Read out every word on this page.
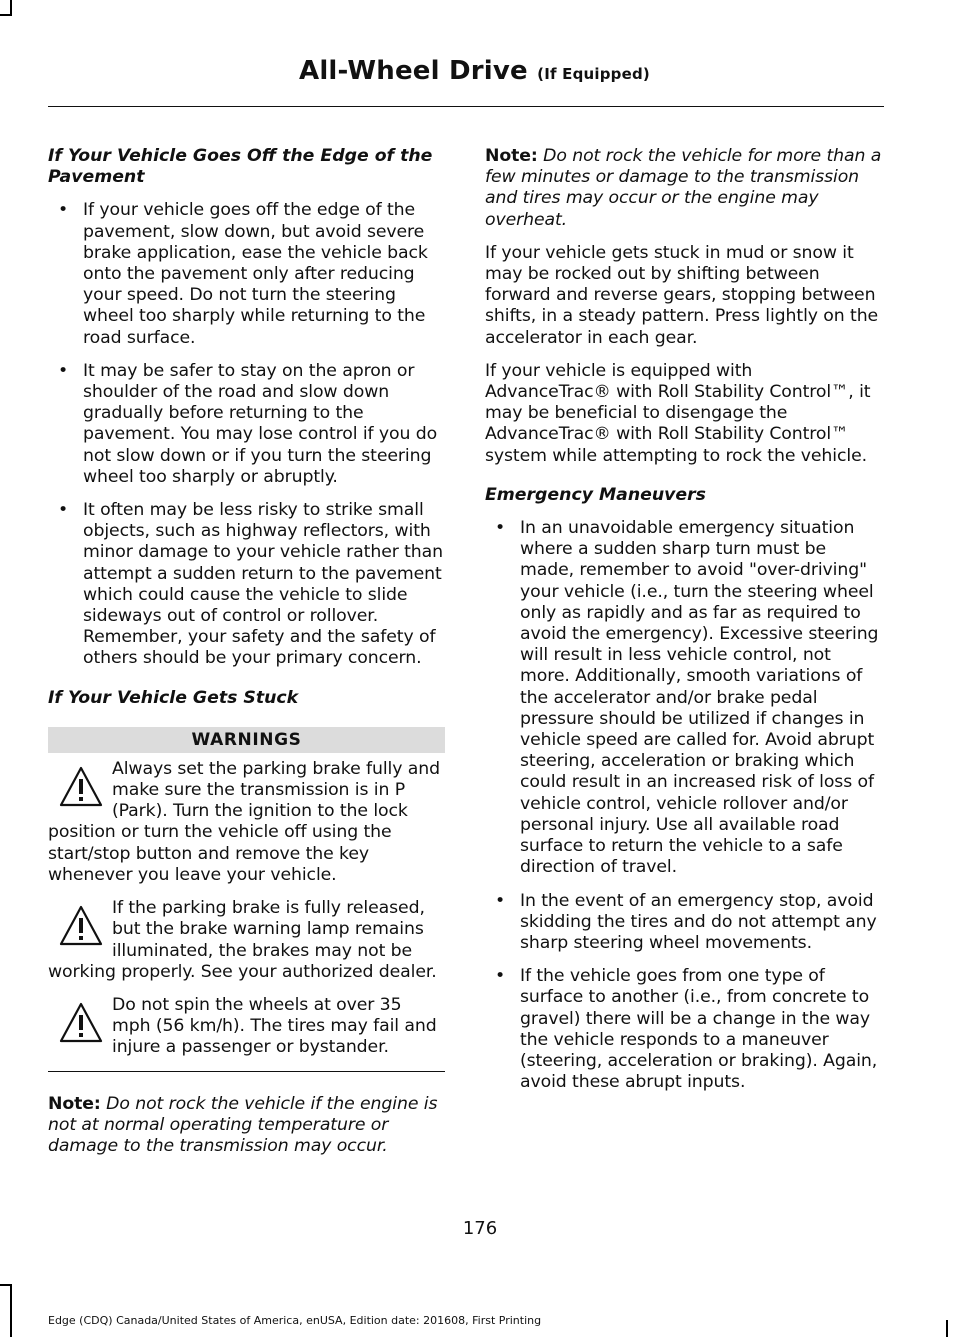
All-Wheel Drive (If Equipped)
If Your Vehicle Goes Off the Edge of the Pavement
• If your vehicle goes off the edge of the pavement, slow down, but avoid severe brake application, ease the vehicle back onto the pavement only after reducing your speed. Do not turn the steering wheel too sharply while returning to the road surface.
• It may be safer to stay on the apron or shoulder of the road and slow down gradually before returning to the pavement. You may lose control if you do not slow down or if you turn the steering wheel too sharply or abruptly.
• It often may be less risky to strike small objects, such as highway reflectors, with minor damage to your vehicle rather than attempt a sudden return to the pavement which could cause the vehicle to slide sideways out of control or rollover. Remember, your safety and the safety of others should be your primary concern.
If Your Vehicle Gets Stuck
WARNINGS
Always set the parking brake fully and make sure the transmission is in P (Park). Turn the ignition to the lock position or turn the vehicle off using the start/stop button and remove the key whenever you leave your vehicle.
If the parking brake is fully released, but the brake warning lamp remains illuminated, the brakes may not be working properly. See your authorized dealer.
Do not spin the wheels at over 35 mph (56 km/h). The tires may fail and injure a passenger or bystander.

Note: Do not rock the vehicle if the engine is not at normal operating temperature or damage to the transmission may occur.

Note: Do not rock the vehicle for more than a few minutes or damage to the transmission and tires may occur or the engine may overheat.

If your vehicle gets stuck in mud or snow it may be rocked out by shifting between forward and reverse gears, stopping between shifts, in a steady pattern. Press lightly on the accelerator in each gear.

If your vehicle is equipped with AdvanceTrac® with Roll Stability Control™, it may be beneficial to disengage the AdvanceTrac® with Roll Stability Control™ system while attempting to rock the vehicle.

Emergency Maneuvers
• In an unavoidable emergency situation where a sudden sharp turn must be made, remember to avoid "over-driving" your vehicle (i.e., turn the steering wheel only as rapidly and as far as required to avoid the emergency). Excessive steering will result in less vehicle control, not more. Additionally, smooth variations of the accelerator and/or brake pedal pressure should be utilized if changes in vehicle speed are called for. Avoid abrupt steering, acceleration or braking which could result in an increased risk of loss of vehicle control, vehicle rollover and/or personal injury. Use all available road surface to return the vehicle to a safe direction of travel.
• In the event of an emergency stop, avoid skidding the tires and do not attempt any sharp steering wheel movements.
• If the vehicle goes from one type of surface to another (i.e., from concrete to gravel) there will be a change in the way the vehicle responds to a maneuver (steering, acceleration or braking). Again, avoid these abrupt inputs.
176
Edge (CDQ) Canada/United States of America, enUSA, Edition date: 201608, First Printing
